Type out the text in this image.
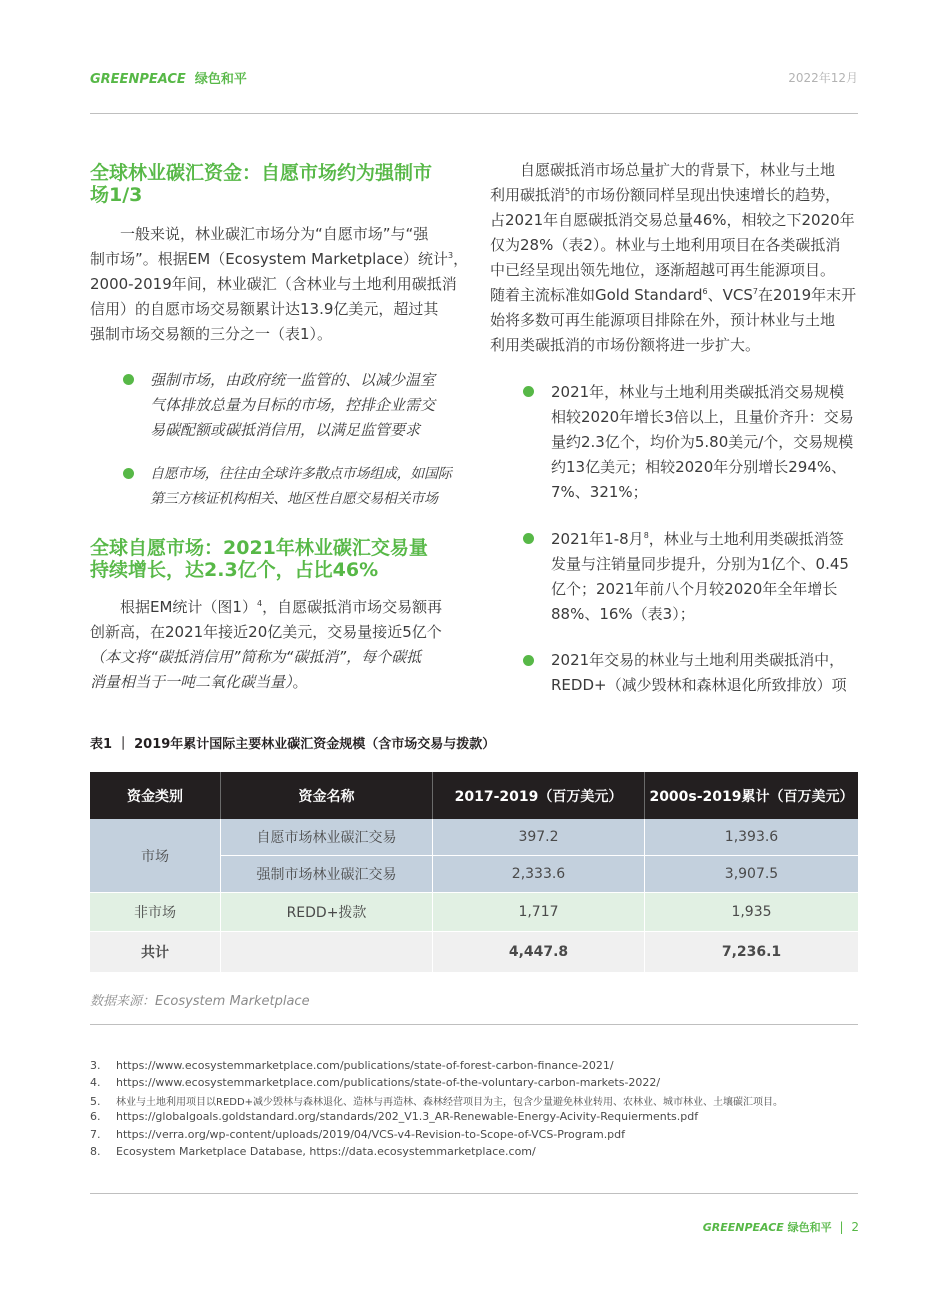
GREENPEACE 绿色和平	2022年12月
全球林业碳汇资金：自愿市场约为强制市
场1/3
一般来说，林业碳汇市场分为“自愿市场”与“强
制市场”。根据EM（Ecosystem Marketplace）统计$^3$，
2000-2019年间，林业碳汇（含林业与土地利用碳抵消
信用）的自愿市场交易额累计达13.9亿美元，超过其
强制市场交易额的三分之一（表1）。
强制市场，由政府统一监管的、以减少温室
气体排放总量为目标的市场，控排企业需交
易碳配额或碳抵消信用，以满足监管要求
自愿市场，往往由全球许多散点市场组成，如国际
第三方核证机构相关、地区性自愿交易相关市场
全球自愿市场：2021年林业碳汇交易量
持续增长，达2.3亿个，占比46%
根据EM统计（图1）$^4$，自愿碳抵消市场交易额再
创新高，在2021年接近20亿美元，交易量接近5亿个
（本文将“碳抵消信用”简称为“碳抵消”，每个碳抵
消量相当于一吨二氧化碳当量）。
自愿碳抵消市场总量扩大的背景下，林业与土地
利用碳抵消$^5$的市场份额同样呈现出快速增长的趋势，
占2021年自愿碳抵消交易总量46%，相较之下2020年
仅为28%（表2）。林业与土地利用项目在各类碳抵消
中已经呈现出领先地位，逐渐超越可再生能源项目。
随着主流标准如Gold Standard$^6$、VCS$^7$在2019年末开
始将多数可再生能源项目排除在外，预计林业与土地
利用类碳抵消的市场份额将进一步扩大。
2021年，林业与土地利用类碳抵消交易规模
相较2020年增长3倍以上，且量价齐升：交易
量约2.3亿个，均价为5.80美元/个，交易规模
约13亿美元；相较2020年分别增长294%、
7%、321%；
2021年1-8月$^8$，林业与土地利用类碳抵消签
发量与注销量同步提升，分别为1亿个、0.45
亿个；2021年前八个月较2020年全年增长
88%、16%（表3）；
2021年交易的林业与土地利用类碳抵消中，
REDD+（减少毁林和森林退化所致排放）项
表1 ｜ 2019年累计国际主要林业碳汇资金规模（含市场交易与拨款）
资金类别	资金名称	2017-2019（百万美元）	2000s-2019累计（百万美元）
市场	自愿市场林业碳汇交易	397.2	1,393.6
	强制市场林业碳汇交易	2,333.6	3,907.5
非市场	REDD+拨款	1,717	1,935
共计		4,447.8	7,236.1
数据来源：Ecosystem Marketplace
3. https://www.ecosystemmarketplace.com/publications/state-of-forest-carbon-finance-2021/
4. https://www.ecosystemmarketplace.com/publications/state-of-the-voluntary-carbon-markets-2022/
5. 林业与土地利用项目以REDD+减少毁林与森林退化、造林与再造林、森林经营项目为主，包含少量避免林业转用、农林业、城市林业、土壤碳汇项目。
6. https://globalgoals.goldstandard.org/standards/202_V1.3_AR-Renewable-Energy-Acivity-Requierments.pdf
7. https://verra.org/wp-content/uploads/2019/04/VCS-v4-Revision-to-Scope-of-VCS-Program.pdf
8. Ecosystem Marketplace Database, https://data.ecosystemmarketplace.com/
GREENPEACE 绿色和平 | 2
